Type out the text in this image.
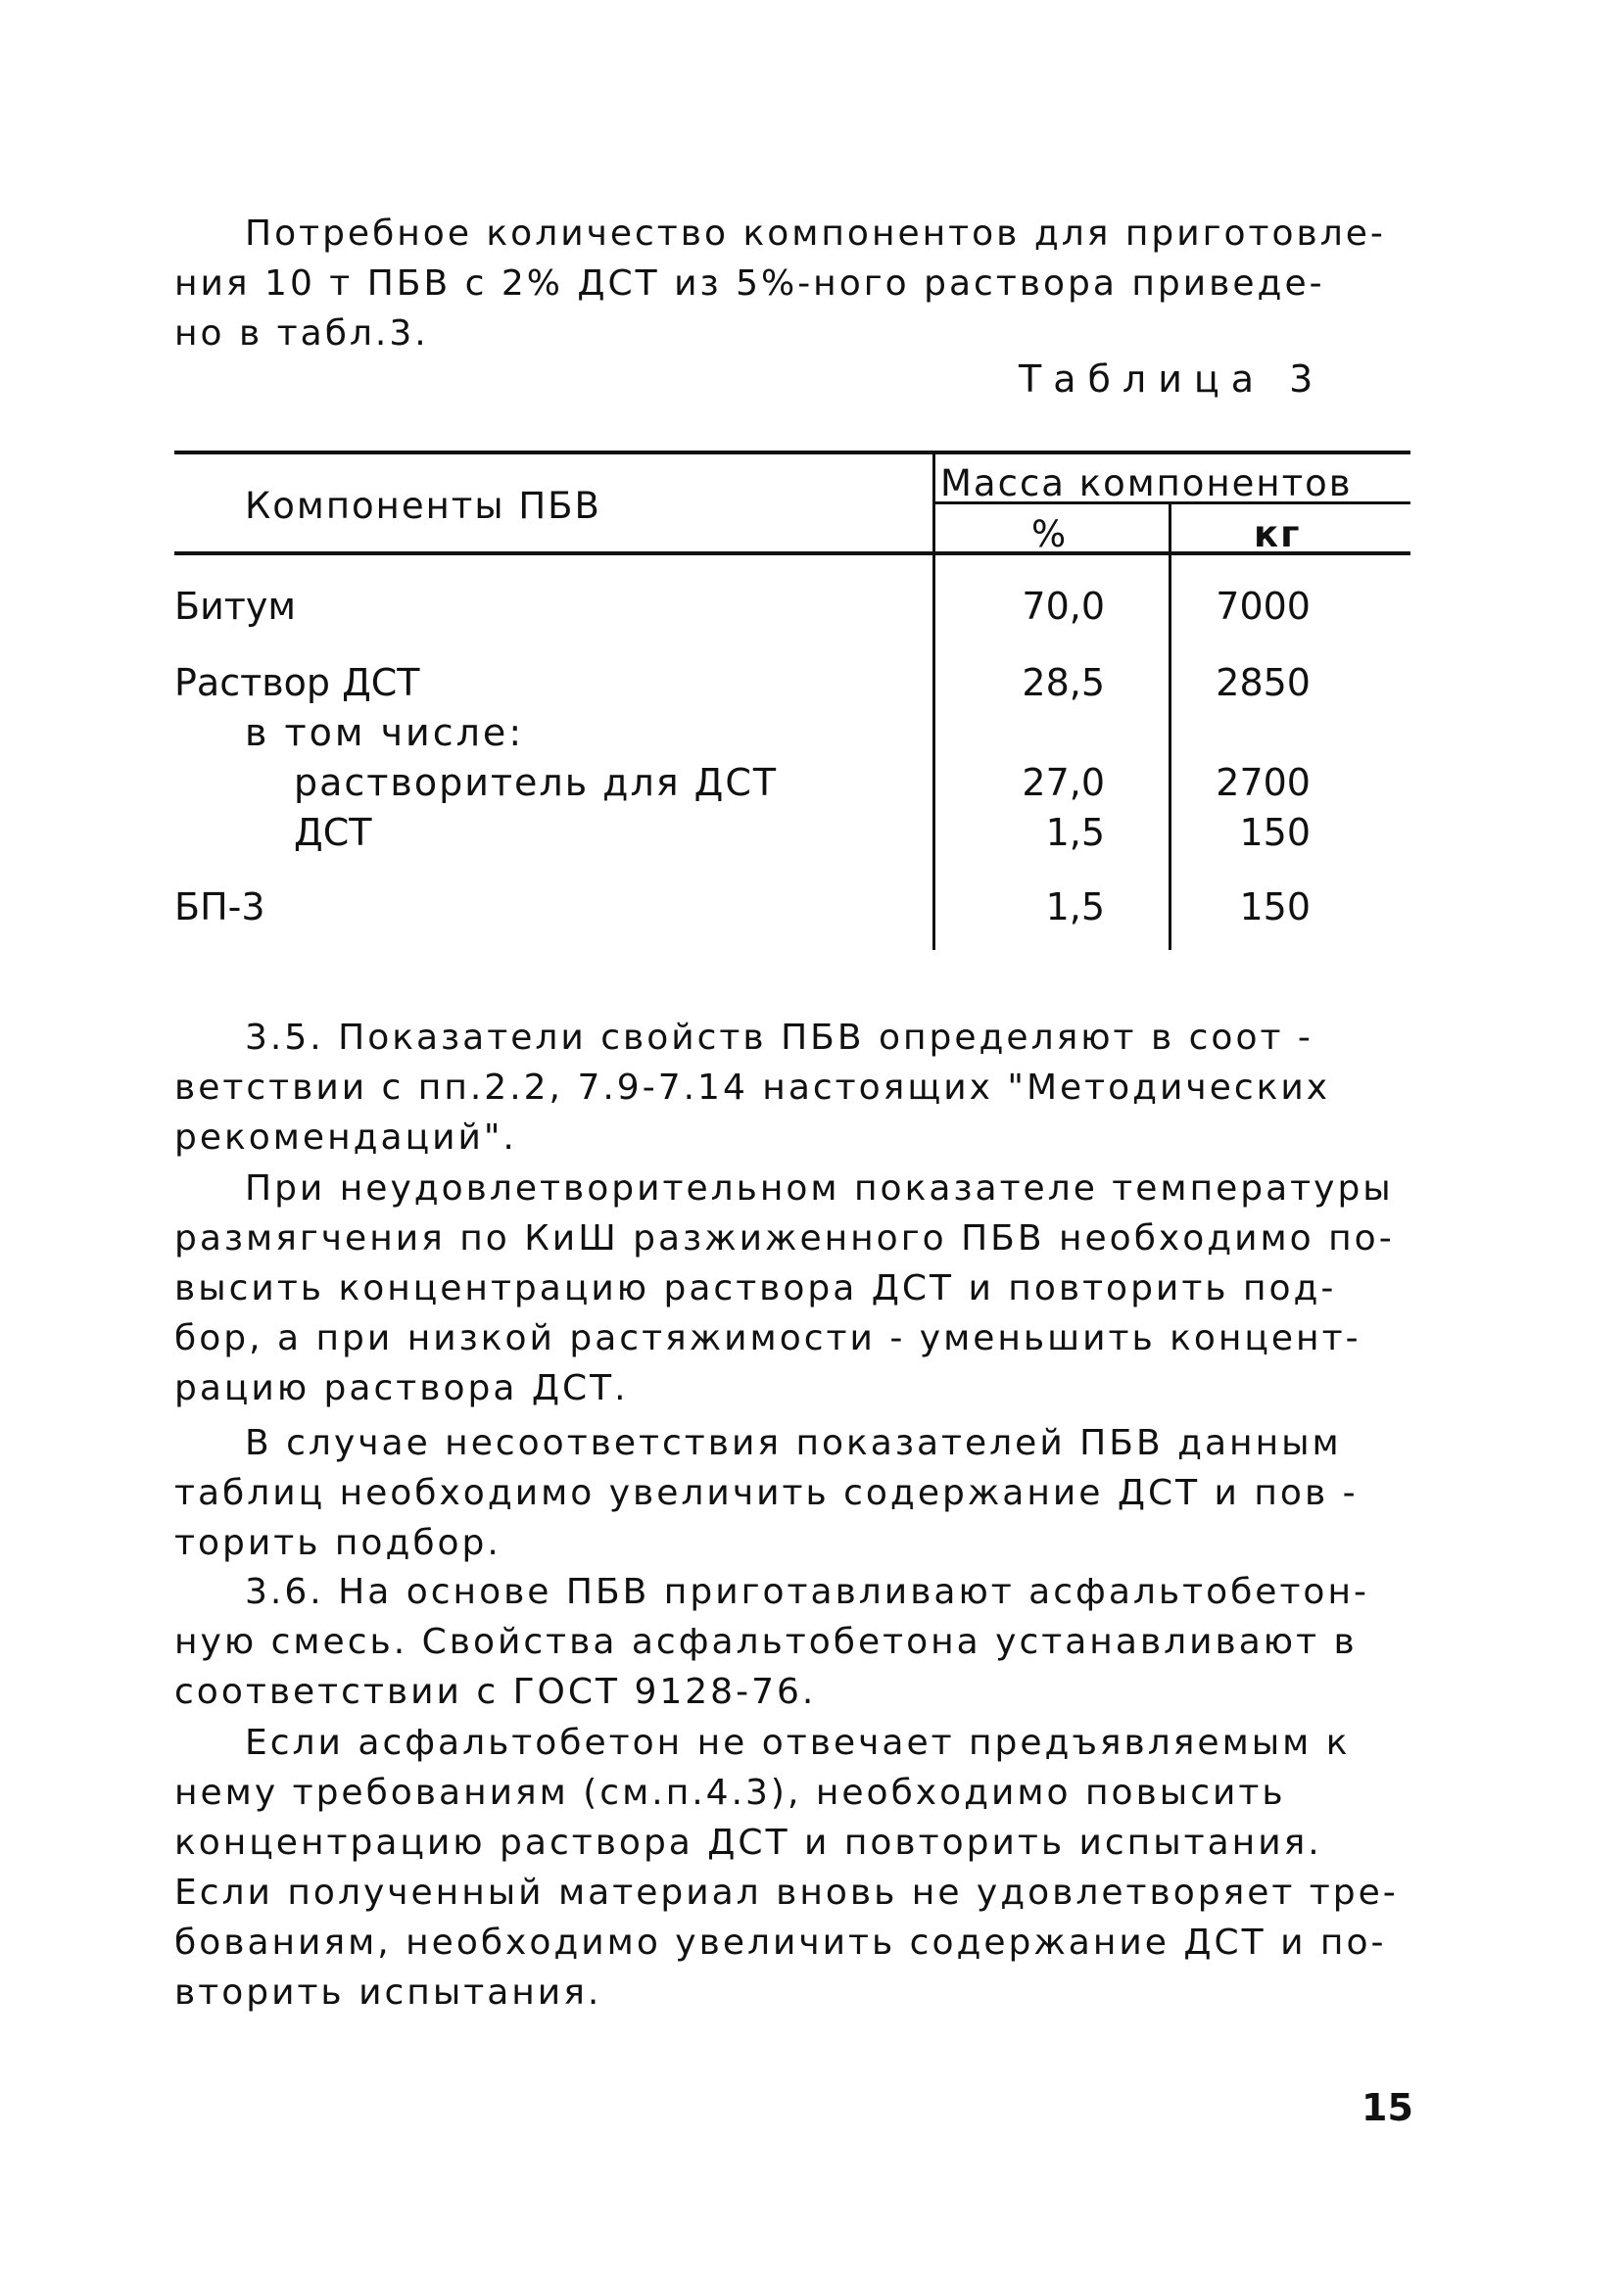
Потребное количество компонентов для приготовле-
ния 10 т ПБВ с 2% ДСТ из 5%-ного раствора приведе-
но в табл.3.
Таблица 3
Компоненты ПБВ
Масса компонентов
%	кг
Битум	70,0	7000
Раствор ДСТ	28,5	2850
в том числе:
растворитель для ДСТ	27,0	2700
ДСТ	1,5	150
БП-3	1,5	150
3.5. Показатели свойств ПБВ определяют в соот -
ветствии с пп.2.2, 7.9-7.14 настоящих "Методических
рекомендаций".
При неудовлетворительном показателе температуры
размягчения по КиШ разжиженного ПБВ необходимо по-
высить концентрацию раствора ДСТ и повторить под-
бор, а при низкой растяжимости - уменьшить концент-
рацию раствора ДСТ.
В случае несоответствия показателей ПБВ данным
таблиц необходимо увеличить содержание ДСТ и пов -
торить подбор.
3.6. На основе ПБВ приготавливают асфальтобетон-
ную смесь. Свойства асфальтобетона устанавливают в
соответствии с ГОСТ 9128-76.
Если асфальтобетон не отвечает предъявляемым к
нему требованиям (см.п.4.3), необходимо повысить
концентрацию раствора ДСТ и повторить испытания.
Если полученный материал вновь не удовлетворяет тре-
бованиям, необходимо увеличить содержание ДСТ и по-
вторить испытания.
15
